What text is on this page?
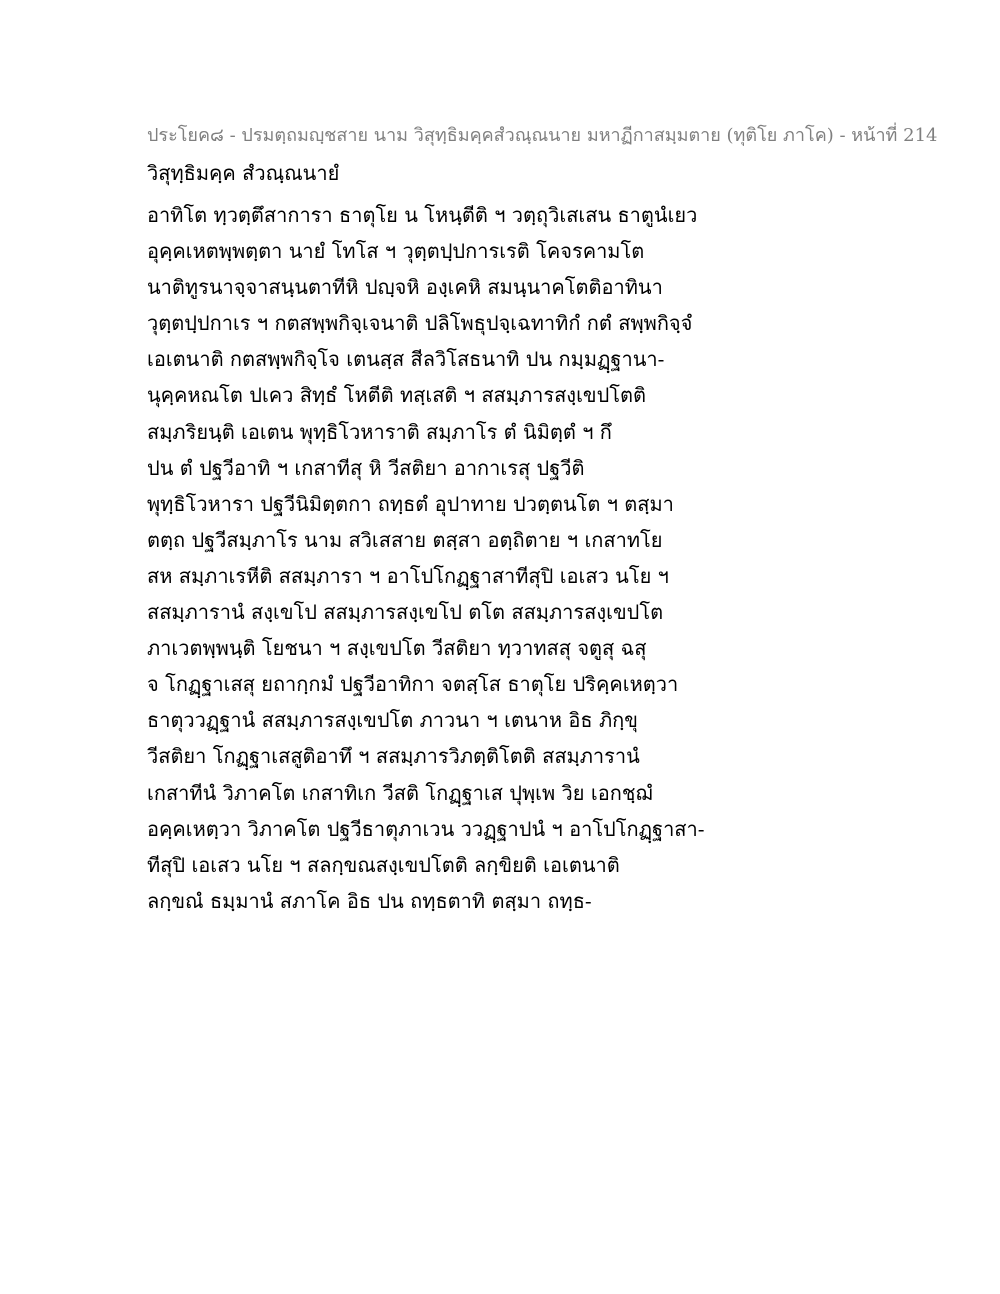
ประโยค๘ - ปรมตฺถมญฺชสาย นาม วิสุทฺธิมคฺคสํวณฺณนาย มหาฏีกาสมฺมตาย (ทุติโย ภาโค) - หน้าที่ 214
วิสุทฺธิมคฺค สํวณฺณนายํ
อาทิโต ทฺวตฺตึสาการา ธาตุโย น โหนฺตีติ ฯ วตฺถุวิเสเสน ธาตูนํเยว
อุคฺคเหตพฺพตฺตา นายํ โทโส ฯ วุตฺตปฺปการเรติ โคจรคามโต
นาติทูรนาจฺจาสนฺนตาทีหิ ปญฺจหิ องฺเคหิ สมนฺนาคโตติอาทินา
วุตฺตปฺปกาเร ฯ กตสพฺพกิจฺเจนาติ ปลิโพธุปจฺเฉทาทิกํ กตํ สพฺพกิจฺจํ
เอเตนาติ กตสพฺพกิจฺโจ เตนสฺส สีลวิโสธนาทิ ปน กมฺมฏฺฐานา-
นุคฺคหณโต ปเคว สิทฺธํ โหตีติ ทสฺเสติ ฯ สสมฺภารสงฺเขปโตติ
สมฺภริยนฺติ เอเตน พุทฺธิโวหาราติ สมฺภาโร ตํ นิมิตฺตํ ฯ กึ
ปน ตํ ปฐวีอาทิ ฯ เกสาทีสุ หิ วีสติยา อากาเรสุ ปฐวีติ
พุทฺธิโวหารา ปฐวีนิมิตฺตกา ถทฺธตํ อุปาทาย ปวตฺตนโต ฯ ตสฺมา
ตตฺถ ปฐวีสมฺภาโร นาม สวิเสสาย ตสฺสา อตฺถิตาย ฯ เกสาทโย
สห สมฺภาเรหีติ สสมฺภารา ฯ อาโปโกฏฺฐาสาทีสุปิ เอเสว นโย ฯ
สสมฺภารานํ สงฺเขโป สสมฺภารสงฺเขโป ตโต สสมฺภารสงฺเขปโต
ภาเวตพฺพนฺติ โยชนา ฯ สงฺเขปโต วีสติยา ทฺวาทสสุ จตูสุ ฉสุ
จ โกฏฺฐาเสสุ ยถากฺกมํ ปฐวีอาทิกา จตสฺโส ธาตุโย ปริคฺคเหตฺวา
ธาตุววฏฺฐานํ สสมฺภารสงฺเขปโต ภาวนา ฯ เตนาห อิธ ภิกฺขุ
วีสติยา โกฏฺฐาเสสูติอาทึ ฯ สสมฺภารวิภตฺติโตติ สสมฺภารานํ
เกสาทีนํ วิภาคโต เกสาทิเก วีสติ โกฏฺฐาเส ปุพฺเพ วิย เอกชฺฌํ
อคฺคเหตฺวา วิภาคโต ปฐวีธาตุภาเวน ววฏฺฐาปนํ ฯ อาโปโกฏฺฐาสา-
ทีสุปิ เอเสว นโย ฯ สลกฺขณสงฺเขปโตติ ลกฺขิยติ เอเตนาติ
ลกฺขณํ ธมฺมานํ สภาโค อิธ ปน ถทฺธตาทิ ตสฺมา ถทฺธ-
